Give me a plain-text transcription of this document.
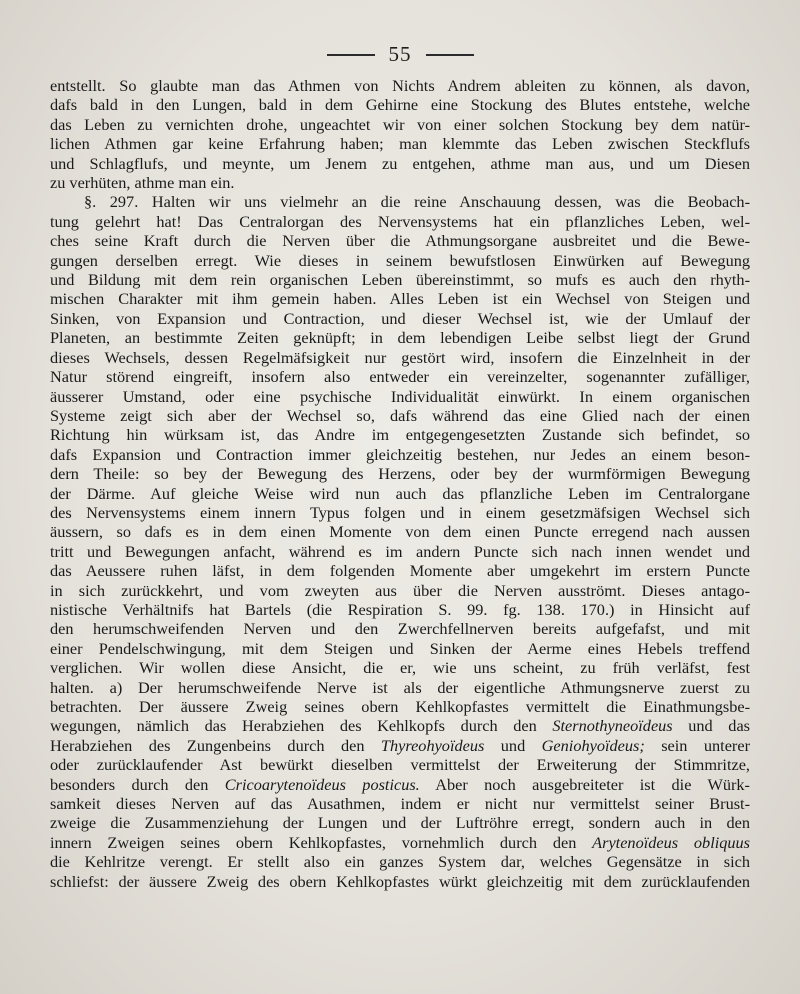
55
entstellt. So glaubte man das Athmen von Nichts Andrem ableiten zu können, als davon,
dafs bald in den Lungen, bald in dem Gehirne eine Stockung des Blutes entstehe, welche
das Leben zu vernichten drohe, ungeachtet wir von einer solchen Stockung bey dem natür-
lichen Athmen gar keine Erfahrung haben; man klemmte das Leben zwischen Steckflufs
und Schlagflufs, und meynte, um Jenem zu entgehen, athme man aus, und um Diesen
zu verhüten, athme man ein.
§. 297. Halten wir uns vielmehr an die reine Anschauung dessen, was die Beobach-
tung gelehrt hat! Das Centralorgan des Nervensystems hat ein pflanzliches Leben, wel-
ches seine Kraft durch die Nerven über die Athmungsorgane ausbreitet und die Bewe-
gungen derselben erregt. Wie dieses in seinem bewufstlosen Einwürken auf Bewegung
und Bildung mit dem rein organischen Leben übereinstimmt, so mufs es auch den rhyth-
mischen Charakter mit ihm gemein haben. Alles Leben ist ein Wechsel von Steigen und
Sinken, von Expansion und Contraction, und dieser Wechsel ist, wie der Umlauf der
Planeten, an bestimmte Zeiten geknüpft; in dem lebendigen Leibe selbst liegt der Grund
dieses Wechsels, dessen Regelmäfsigkeit nur gestört wird, insofern die Einzelnheit in der
Natur störend eingreift, insofern also entweder ein vereinzelter, sogenannter zufälliger,
äusserer Umstand, oder eine psychische Individualität einwürkt. In einem organischen
Systeme zeigt sich aber der Wechsel so, dafs während das eine Glied nach der einen
Richtung hin würksam ist, das Andre im entgegengesetzten Zustande sich befindet, so
dafs Expansion und Contraction immer gleichzeitig bestehen, nur Jedes an einem beson-
dern Theile: so bey der Bewegung des Herzens, oder bey der wurmförmigen Bewegung
der Därme. Auf gleiche Weise wird nun auch das pflanzliche Leben im Centralorgane
des Nervensystems einem innern Typus folgen und in einem gesetzmäfsigen Wechsel sich
äussern, so dafs es in dem einen Momente von dem einen Puncte erregend nach aussen
tritt und Bewegungen anfacht, während es im andern Puncte sich nach innen wendet und
das Aeussere ruhen läfst, in dem folgenden Momente aber umgekehrt im erstern Puncte
in sich zurückkehrt, und vom zweyten aus über die Nerven ausströmt. Dieses antago-
nistische Verhältnifs hat Bartels (die Respiration S. 99. fg. 138. 170.) in Hinsicht auf
den herumschweifenden Nerven und den Zwerchfellnerven bereits aufgefafst, und mit
einer Pendelschwingung, mit dem Steigen und Sinken der Aerme eines Hebels treffend
verglichen. Wir wollen diese Ansicht, die er, wie uns scheint, zu früh verläfst, fest
halten. a) Der herumschweifende Nerve ist als der eigentliche Athmungsnerve zuerst zu
betrachten. Der äussere Zweig seines obern Kehlkopfastes vermittelt die Einathmungsbe-
wegungen, nämlich das Herabziehen des Kehlkopfs durch den Sternothyneoïdeus und das
Herabziehen des Zungenbeins durch den Thyreohyoïdeus und Geniohyoïdeus; sein unterer
oder zurücklaufender Ast bewürkt dieselben vermittelst der Erweiterung der Stimmritze,
besonders durch den Cricoarytenoïdeus posticus. Aber noch ausgebreiteter ist die Würk-
samkeit dieses Nerven auf das Ausathmen, indem er nicht nur vermittelst seiner Brust-
zweige die Zusammenziehung der Lungen und der Luftröhre erregt, sondern auch in den
innern Zweigen seines obern Kehlkopfastes, vornehmlich durch den Arytenoïdeus obliquus
die Kehlritze verengt. Er stellt also ein ganzes System dar, welches Gegensätze in sich
schliefst: der äussere Zweig des obern Kehlkopfastes würkt gleichzeitig mit dem zurücklaufenden
